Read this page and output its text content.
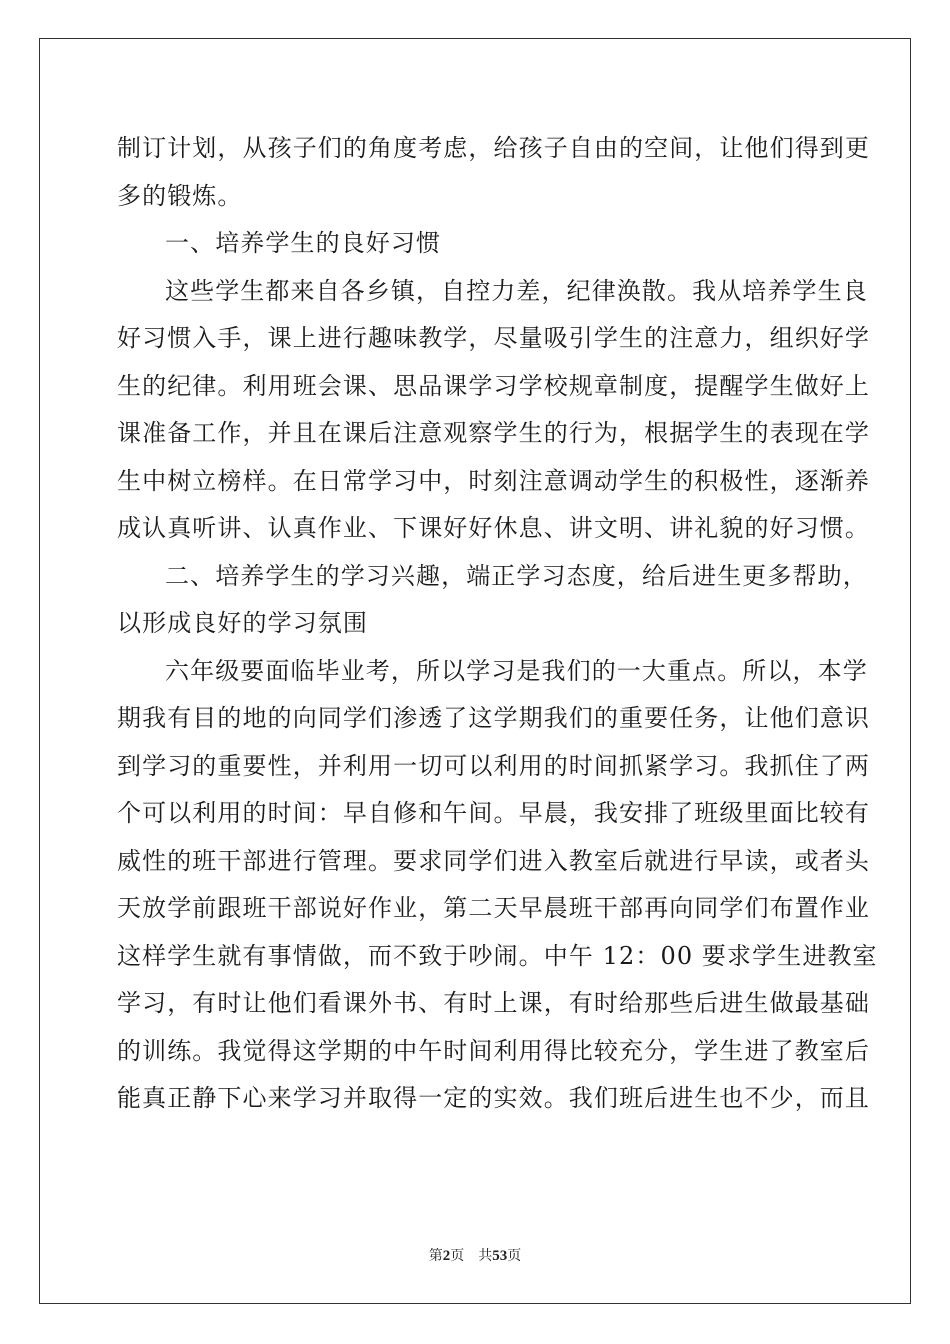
制订计划，从孩子们的角度考虑，给孩子自由的空间，让他们得到更
多的锻炼。
一、培养学生的良好习惯
这些学生都来自各乡镇，自控力差，纪律涣散。我从培养学生良
好习惯入手，课上进行趣味教学，尽量吸引学生的注意力，组织好学
生的纪律。利用班会课、思品课学习学校规章制度，提醒学生做好上
课准备工作，并且在课后注意观察学生的行为，根据学生的表现在学
生中树立榜样。在日常学习中，时刻注意调动学生的积极性，逐渐养
成认真听讲、认真作业、下课好好休息、讲文明、讲礼貌的好习惯。
二、培养学生的学习兴趣，端正学习态度，给后进生更多帮助，
以形成良好的学习氛围
六年级要面临毕业考，所以学习是我们的一大重点。所以，本学
期我有目的地的向同学们渗透了这学期我们的重要任务，让他们意识
到学习的重要性，并利用一切可以利用的时间抓紧学习。我抓住了两
个可以利用的时间：早自修和午间。早晨，我安排了班级里面比较有
威性的班干部进行管理。要求同学们进入教室后就进行早读，或者头
天放学前跟班干部说好作业，第二天早晨班干部再向同学们布置作业
这样学生就有事情做，而不致于吵闹。中午 12：00 要求学生进教室
学习，有时让他们看课外书、有时上课，有时给那些后进生做最基础
的训练。我觉得这学期的中午时间利用得比较充分，学生进了教室后
能真正静下心来学习并取得一定的实效。我们班后进生也不少，而且
第2页 共53页
